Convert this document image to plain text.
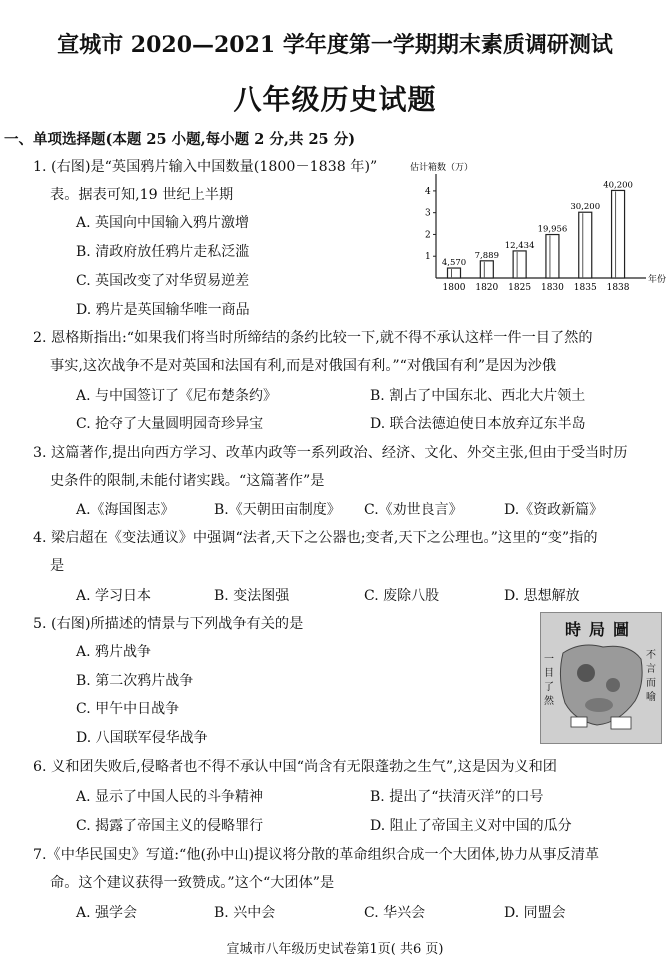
宣城市 2020—2021 学年度第一学期期末素质调研测试
八年级历史试题
一、单项选择题(本题 25 小题,每小题 2 分,共 25 分)
1. (右图)是“英国鸦片输入中国数量(1800－1838 年)”
表。据表可知,19 世纪上半期
A. 英国向中国输入鸦片激增
B. 清政府放任鸦片走私泛滥
C. 英国改变了对华贸易逆差
D. 鸦片是英国输华唯一商品
估计箱数（万）
年份
1
2
3
4
4,570
1800
7,889
1820
12,434
1825
19,956
1830
30,200
1835
40,200
1838
2. 恩格斯指出:“如果我们将当时所缔结的条约比较一下,就不得不承认这样一件一目了然的
事实,这次战争不是对英国和法国有利,而是对俄国有利。”“对俄国有利”是因为沙俄
A. 与中国签订了《尼布楚条约》	B. 割占了中国东北、西北大片领土
C. 抢夺了大量圆明园奇珍异宝	D. 联合法德迫使日本放弃辽东半岛
3. 这篇著作,提出向西方学习、改革内政等一系列政治、经济、文化、外交主张,但由于受当时历
史条件的限制,未能付诸实践。“这篇著作”是
A.《海国图志》	B.《天朝田亩制度》 C.《劝世良言》	D.《资政新篇》
4. 梁启超在《变法通议》中强调“法者,天下之公器也;变者,天下之公理也。”这里的“变”指的
是
A. 学习日本	B. 变法图强	C. 废除八股	D. 思想解放
5. (右图)所描述的情景与下列战争有关的是
A. 鸦片战争
B. 第二次鸦片战争
C. 甲午中日战争
D. 八国联军侵华战争
時局圖
一目了然
不言而喻
6. 义和团失败后,侵略者也不得不承认中国“尚含有无限蓬勃之生气”,这是因为义和团
A. 显示了中国人民的斗争精神	B. 提出了“扶清灭洋”的口号
C. 揭露了帝国主义的侵略罪行	D. 阻止了帝国主义对中国的瓜分
7.《中华民国史》写道:“他(孙中山)提议将分散的革命组织合成一个大团体,协力从事反清革
命。这个建议获得一致赞成。”这个“大团体”是
A. 强学会	B. 兴中会	C. 华兴会	D. 同盟会
宣城市八年级历史试卷第1页( 共6 页)
